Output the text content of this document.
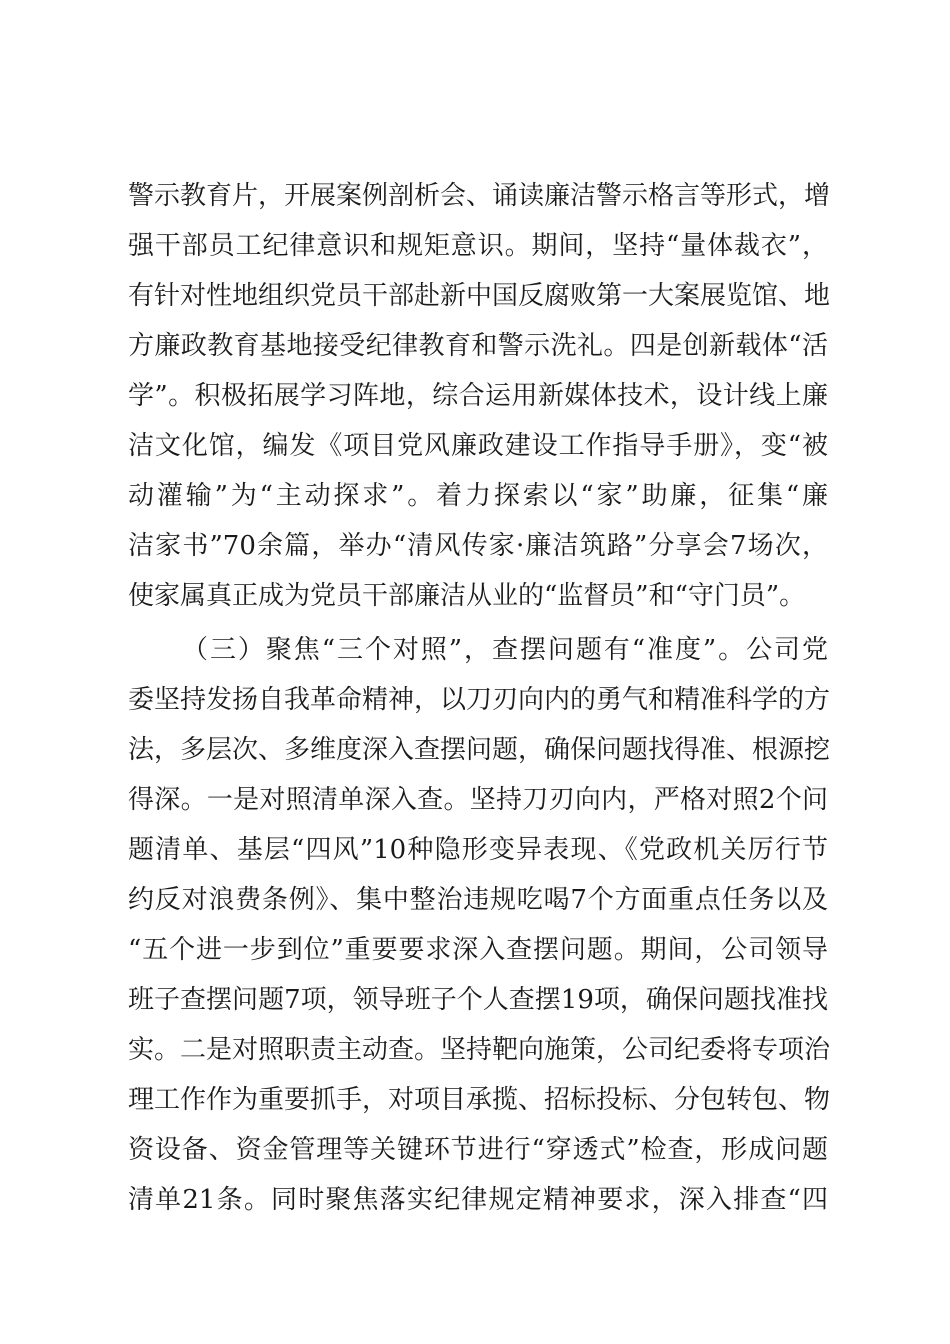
警示教育片，开展案例剖析会、诵读廉洁警示格言等形式，增
强干部员工纪律意识和规矩意识。期间，坚持“量体裁衣”，
有针对性地组织党员干部赴新中国反腐败第一大案展览馆、地
方廉政教育基地接受纪律教育和警示洗礼。四是创新载体“活
学”。积极拓展学习阵地，综合运用新媒体技术，设计线上廉
洁文化馆，编发《项目党风廉政建设工作指导手册》，变“被
动灌输”为“主动探求”。着力探索以“家”助廉，征集“廉
洁家书”70余篇，举办“清风传家·廉洁筑路”分享会7场次，
使家属真正成为党员干部廉洁从业的“监督员”和“守门员”。
（三）聚焦“三个对照”，查摆问题有“准度”。公司党
委坚持发扬自我革命精神，以刀刃向内的勇气和精准科学的方
法，多层次、多维度深入查摆问题，确保问题找得准、根源挖
得深。一是对照清单深入查。坚持刀刃向内，严格对照2个问
题清单、基层“四风”10种隐形变异表现、《党政机关厉行节
约反对浪费条例》、集中整治违规吃喝7个方面重点任务以及
“五个进一步到位”重要要求深入查摆问题。期间，公司领导
班子查摆问题7项，领导班子个人查摆19项，确保问题找准找
实。二是对照职责主动查。坚持靶向施策，公司纪委将专项治
理工作作为重要抓手，对项目承揽、招标投标、分包转包、物
资设备、资金管理等关键环节进行“穿透式”检查，形成问题
清单21条。同时聚焦落实纪律规定精神要求，深入排查“四
